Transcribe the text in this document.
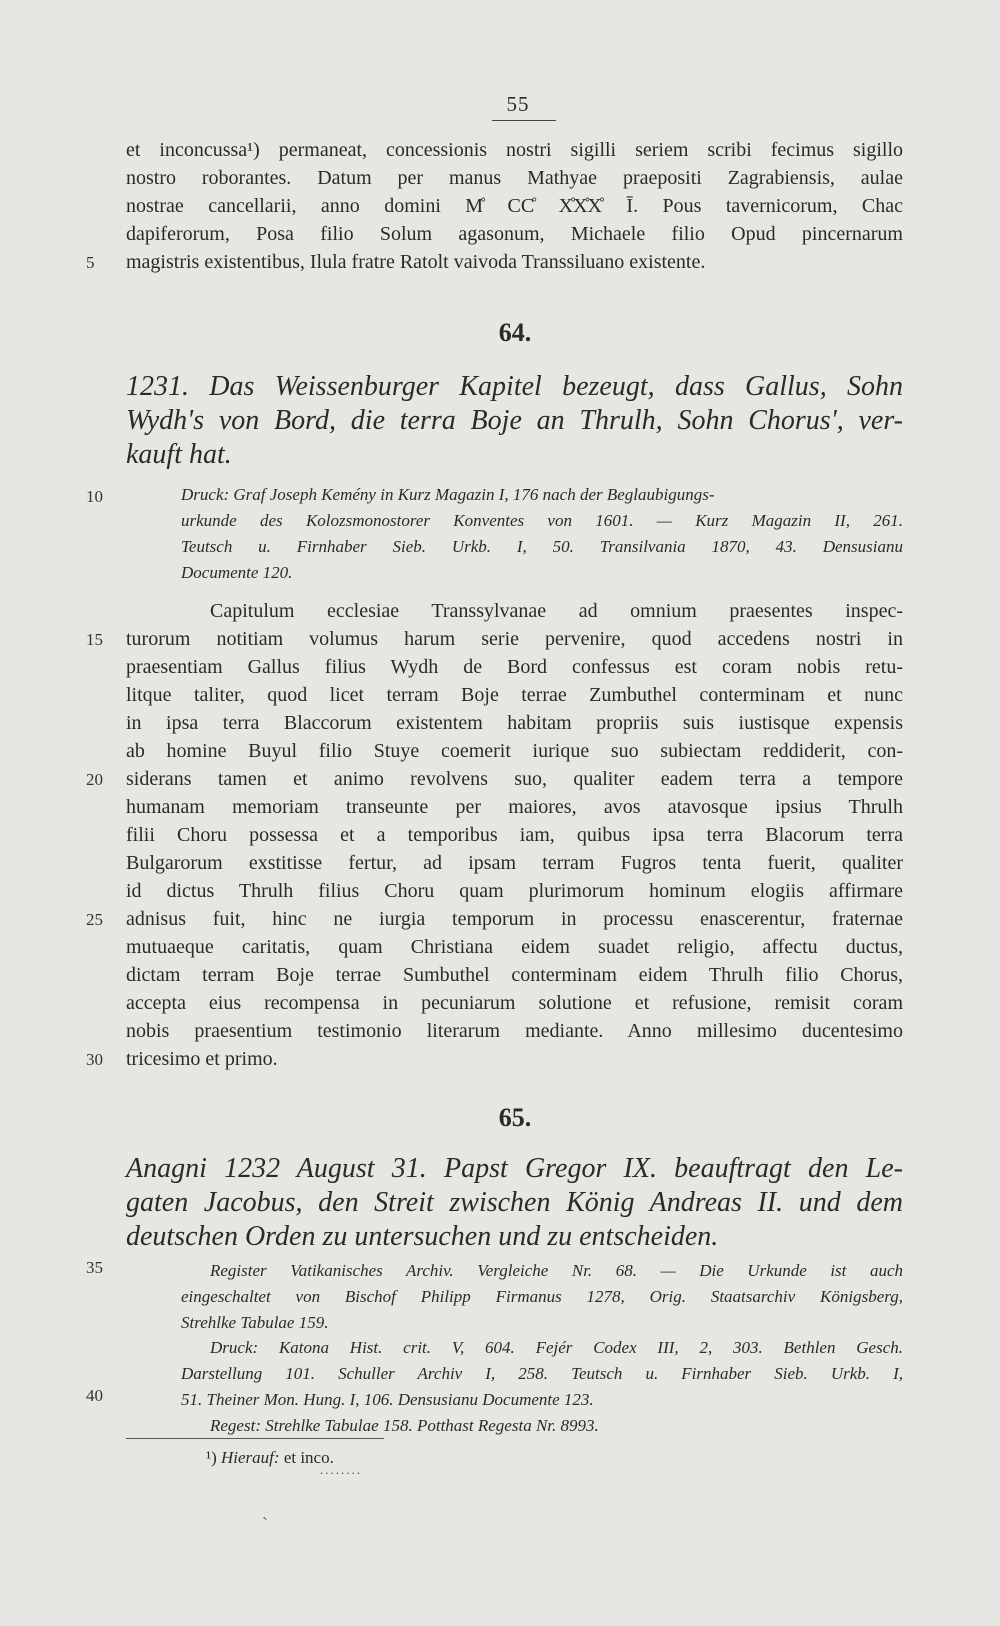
55
et inconcussa¹) permaneat, concessionis nostri sigilli seriem scribi fecimus sigillo
nostro roborantes. Datum per manus Mathyae praepositi Zagrabiensis, aulae
nostrae cancellarii, anno domini M̊ CC̊ X̊X̊X̊ Ī. Pous tavernicorum, Chac
dapiferorum, Posa filio Solum agasonum, Michaele filio Opud pincernarum
magistris existentibus, Ilula fratre Ratolt vaivoda Transsiluano existente.
64.
1231. Das Weissenburger Kapitel bezeugt, dass Gallus, Sohn
Wydh's von Bord, die terra Boje an Thrulh, Sohn Chorus', ver-
kauft hat.
Druck: Graf Joseph Kemény in Kurz Magazin I, 176 nach der Beglaubigungs-
urkunde des Kolozsmonostorer Konventes von 1601. — Kurz Magazin II, 261.
Teutsch u. Firnhaber Sieb. Urkb. I, 50. Transilvania 1870, 43. Densusianu
Documente 120.
Capitulum ecclesiae Transsylvanae ad omnium praesentes inspec-
turorum notitiam volumus harum serie pervenire, quod accedens nostri in
praesentiam Gallus filius Wydh de Bord confessus est coram nobis retu-
litque taliter, quod licet terram Boje terrae Zumbuthel conterminam et nunc
in ipsa terra Blaccorum existentem habitam propriis suis iustisque expensis
ab homine Buyul filio Stuye coemerit iurique suo subiectam reddiderit, con-
siderans tamen et animo revolvens suo, qualiter eadem terra a tempore
humanam memoriam transeunte per maiores, avos atavosque ipsius Thrulh
filii Choru possessa et a temporibus iam, quibus ipsa terra Blacorum terra
Bulgarorum exstitisse fertur, ad ipsam terram Fugros tenta fuerit, qualiter
id dictus Thrulh filius Choru quam plurimorum hominum elogiis affirmare
adnisus fuit, hinc ne iurgia temporum in processu enascerentur, fraternae
mutuaeque caritatis, quam Christiana eidem suadet religio, affectu ductus,
dictam terram Boje terrae Sumbuthel conterminam eidem Thrulh filio Chorus,
accepta eius recompensa in pecuniarum solutione et refusione, remisit coram
nobis praesentium testimonio literarum mediante. Anno millesimo ducentesimo
tricesimo et primo.
65.
Anagni 1232 August 31. Papst Gregor IX. beauftragt den Le-
gaten Jacobus, den Streit zwischen König Andreas II. und dem
deutschen Orden zu untersuchen und zu entscheiden.
Register Vatikanisches Archiv. Vergleiche Nr. 68. — Die Urkunde ist auch
eingeschaltet von Bischof Philipp Firmanus 1278, Orig. Staatsarchiv Königsberg,
Strehlke Tabulae 159.
Druck: Katona Hist. crit. V, 604. Fejér Codex III, 2, 303. Bethlen Gesch.
Darstellung 101. Schuller Archiv I, 258. Teutsch u. Firnhaber Sieb. Urkb. I,
51. Theiner Mon. Hung. I, 106. Densusianu Documente 123.
Regest: Strehlke Tabulae 158. Potthast Regesta Nr. 8993.
5
10
15
20
25
30
35
40
¹) Hierauf: et inco.
........
ˏ
